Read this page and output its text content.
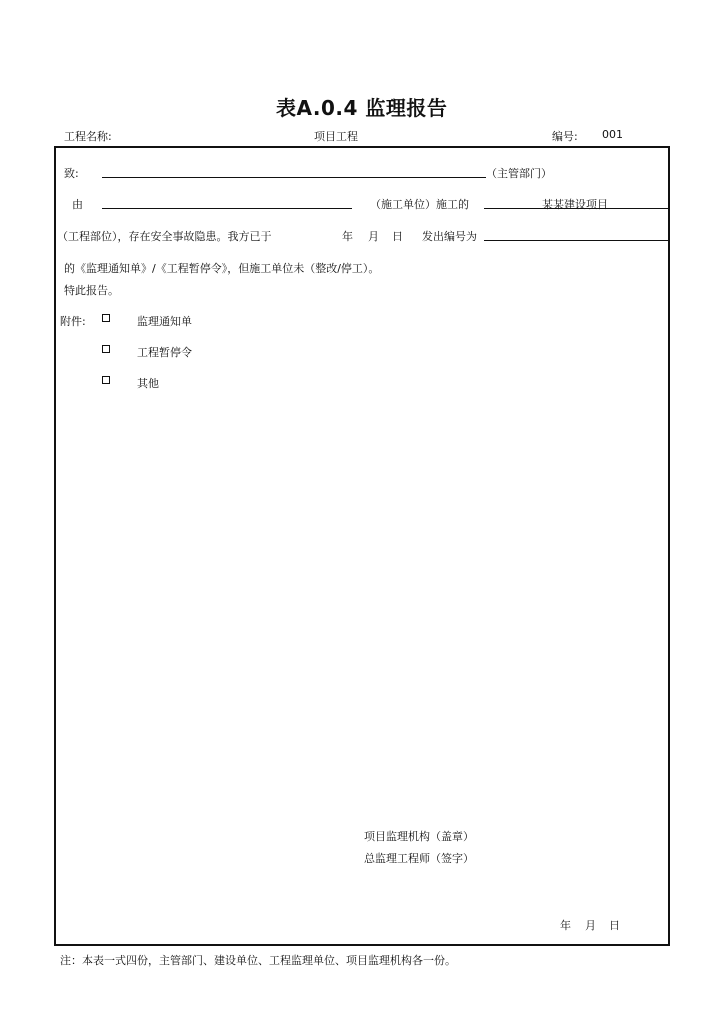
表A.0.4 监理报告
工程名称:	项目工程	编号: 001
致:	（主管部门）
由	（施工单位）施工的	某某建设项目
（工程部位），存在安全事故隐患。我方已于	年 月 日 发出编号为
的《监理通知单》/《工程暂停令》，但施工单位未（整改/停工）。
特此报告。
附件:	监理通知单
工程暂停令
其他
项目监理机构（盖章）
总监理工程师（签字）
年 月 日
注：本表一式四份，主管部门、建设单位、工程监理单位、项目监理机构各一份。
